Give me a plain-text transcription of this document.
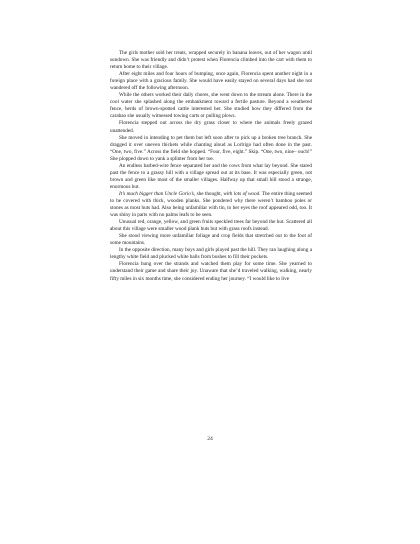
The girls mother sold her treats, wrapped securely in banana leaves, out of her wagon until sundown. She was friendly and didn’t protest when Florencia climbed into the cart with them to return home to their village.

After eight miles and four hours of bumping, once again, Florencia spent another night in a foreign place with a gracious family. She would have easily stayed on several days had she not wandered off the following afternoon.

While the others worked their daily chores, she went down to the stream alone. There in the cool water she splashed along the embankment toward a fertile pasture. Beyond a weathered fence, herds of brown-spotted cattle interested her. She studied how they differed from the carabao she usually witnessed towing carts or pulling plows.

Florencia stepped out across the dry grass closer to where the animals freely grazed unattended.

She moved in intending to pet them but left soon after to pick up a broken tree branch. She dragged it over uneven thickets while chanting aloud as Lorlrigo had often done in the past. “One, two, five.” Across the field she hopped. “Four, five, eight.” Skip. “One, two, nine– ouch!” She plopped down to yank a splinter from her toe.

An endless barbed-wire fence separated her and the cows from what lay beyond. She stared past the fence to a grassy hill with a village spread out at its base. It was especially green, not brown and green like most of the smaller villages. Halfway up that small hill stood a strange, enormous hut.

It’s much bigger than Uncle Gorio’s, she thought, with lots of wood. The entire thing seemed to be covered with thick, wooden planks. She pondered why there weren’t bamboo poles or stones as most huts had. Also being unfamiliar with tin, to her eyes the roof appeared odd, too. It was shiny in parts with no palms leafs to be seen.

Unusual red, orange, yellow, and green fruits speckled trees far beyond the hut. Scattered all about this village were smaller wood plank huts but with grass roofs instead.

She stood viewing more unfamiliar foliage and crop fields that stretched out to the foot of some mountains.

In the opposite direction, many boys and girls played past the hill. They ran laughing along a lengthy white field and plucked white balls from bushes to fill their pockets.

Florencia hung over the strands and watched them play for some time. She yearned to understand their game and share their joy. Unaware that she’d traveled walking, walking, nearly fifty miles in six months time, she considered ending her journey. “I would like to live

24
